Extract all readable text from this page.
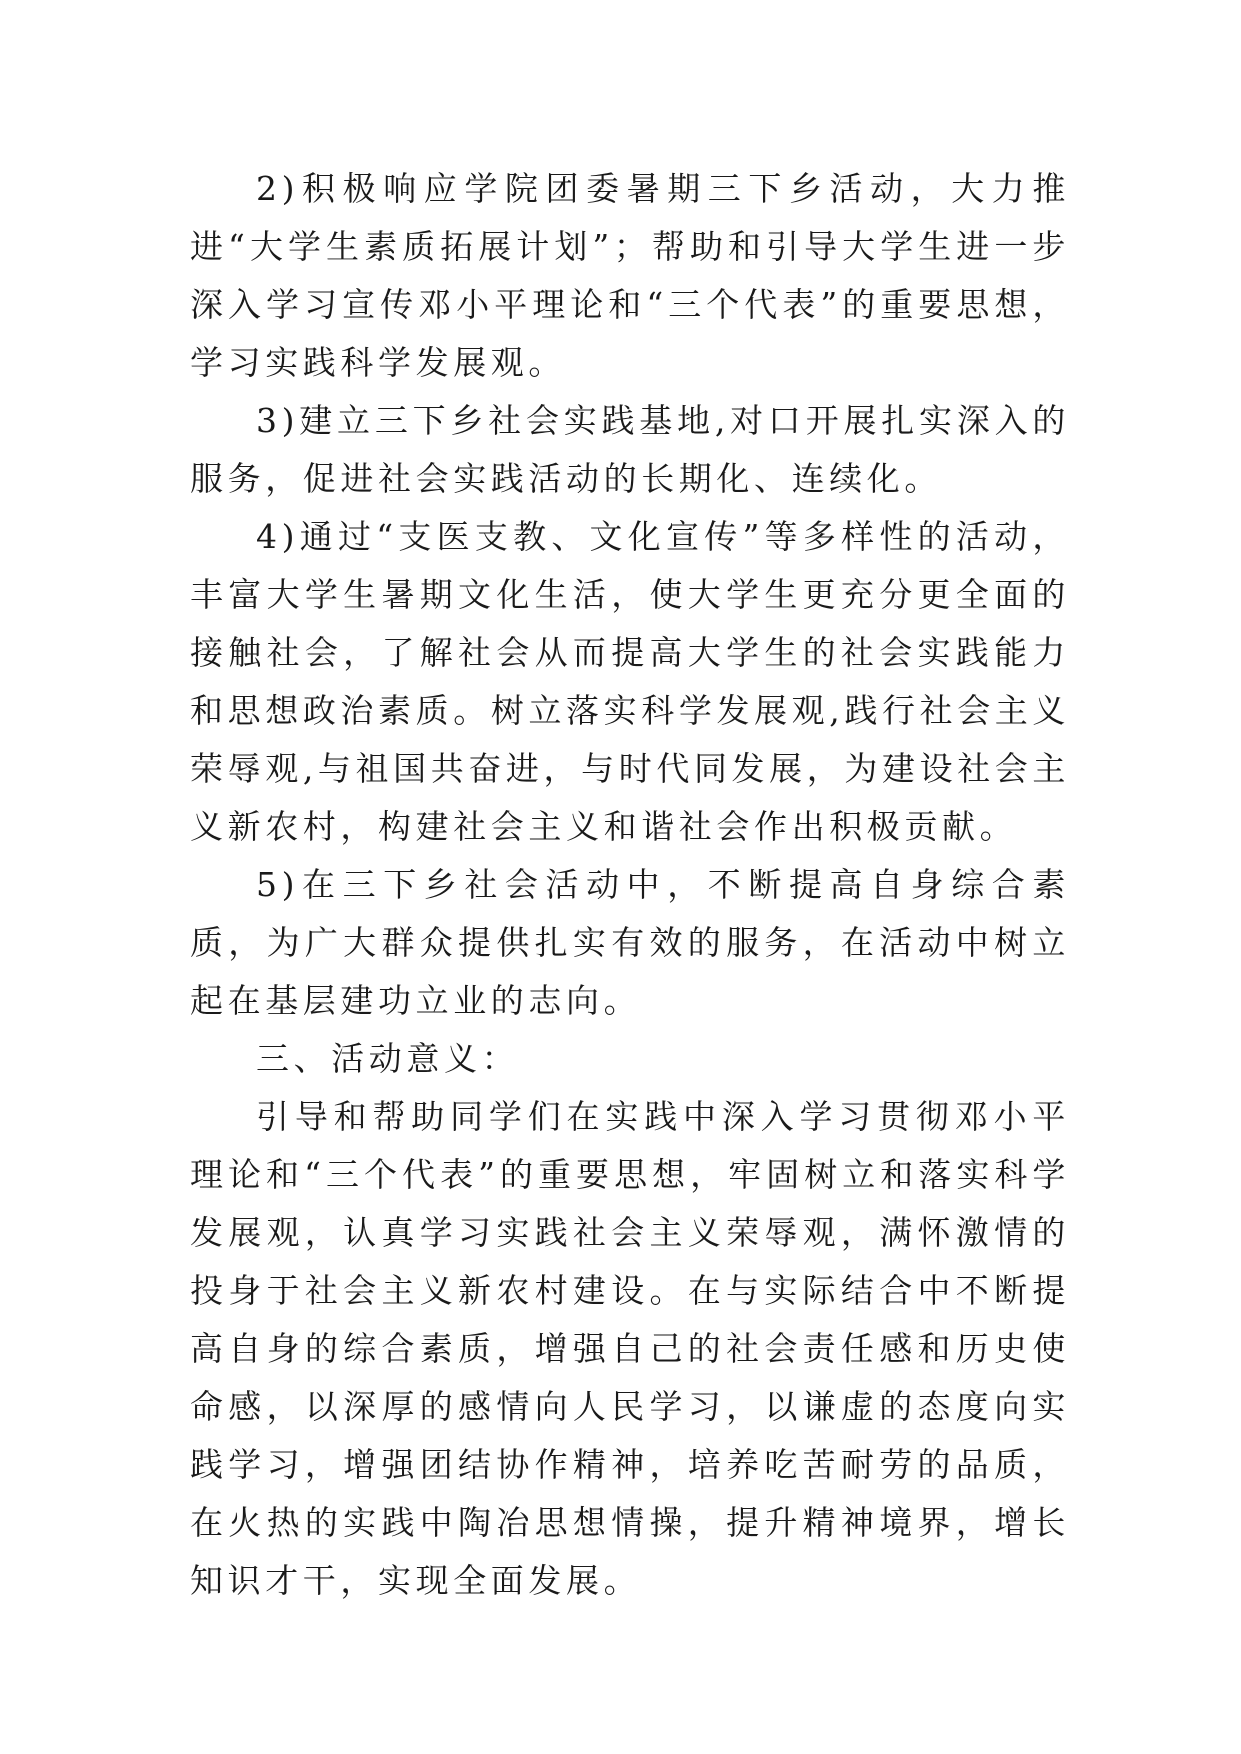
2)积极响应学院团委暑期三下乡活动，大力推进“大学生素质拓展计划”；帮助和引导大学生进一步深入学习宣传邓小平理论和“三个代表”的重要思想，学习实践科学发展观。

3)建立三下乡社会实践基地,对口开展扎实深入的服务，促进社会实践活动的长期化、连续化。

4)通过“支医支教、文化宣传”等多样性的活动，丰富大学生暑期文化生活，使大学生更充分更全面的接触社会，了解社会从而提高大学生的社会实践能力和思想政治素质。树立落实科学发展观,践行社会主义荣辱观,与祖国共奋进，与时代同发展，为建设社会主义新农村，构建社会主义和谐社会作出积极贡献。

5)在三下乡社会活动中，不断提高自身综合素质，为广大群众提供扎实有效的服务，在活动中树立起在基层建功立业的志向。

三、活动意义：

引导和帮助同学们在实践中深入学习贯彻邓小平理论和“三个代表”的重要思想，牢固树立和落实科学发展观，认真学习实践社会主义荣辱观，满怀激情的投身于社会主义新农村建设。在与实际结合中不断提高自身的综合素质，增强自己的社会责任感和历史使命感，以深厚的感情向人民学习，以谦虚的态度向实践学习，增强团结协作精神，培养吃苦耐劳的品质，在火热的实践中陶冶思想情操，提升精神境界，增长知识才干，实现全面发展。
